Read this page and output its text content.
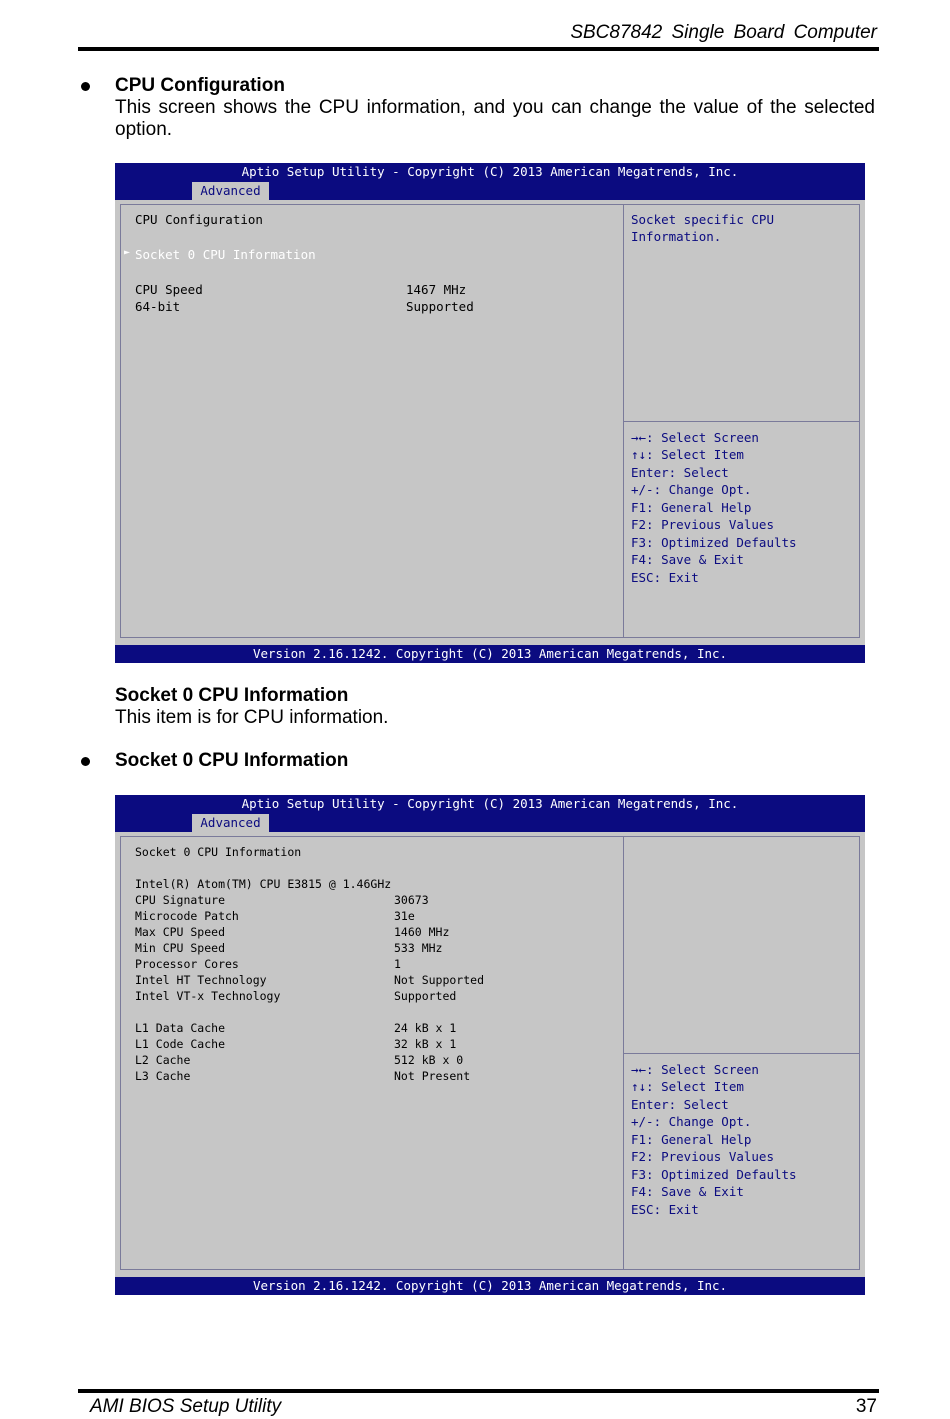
SBC87842 Single Board Computer
CPU Configuration
This screen shows the CPU information, and you can change the value of the selected option.
Aptio Setup Utility - Copyright (C) 2013 American Megatrends, Inc.
Advanced
CPU Configuration
► Socket 0 CPU Information
CPU Speed	1467 MHz
64-bit	Supported
Socket specific CPU
Information.
→←: Select Screen
↑↓: Select Item
Enter: Select
+/-: Change Opt.
F1: General Help
F2: Previous Values
F3: Optimized Defaults
F4: Save & Exit
ESC: Exit
Version 2.16.1242. Copyright (C) 2013 American Megatrends, Inc.
Socket 0 CPU Information
This item is for CPU information.
Socket 0 CPU Information
Aptio Setup Utility - Copyright (C) 2013 American Megatrends, Inc.
Advanced
Socket 0 CPU Information
Intel(R) Atom(TM) CPU E3815 @ 1.46GHz
CPU Signature	30673
Microcode Patch	31e
Max CPU Speed	1460 MHz
Min CPU Speed	533 MHz
Processor Cores	1
Intel HT Technology	Not Supported
Intel VT-x Technology	Supported
L1 Data Cache	24 kB x 1
L1 Code Cache	32 kB x 1
L2 Cache	512 kB x 0
L3 Cache	Not Present	→←: Select Screen
↑↓: Select Item
Enter: Select
+/-: Change Opt.
F1: General Help
F2: Previous Values
F3: Optimized Defaults
F4: Save & Exit
ESC: Exit
Version 2.16.1242. Copyright (C) 2013 American Megatrends, Inc.
AMI BIOS Setup Utility	37
